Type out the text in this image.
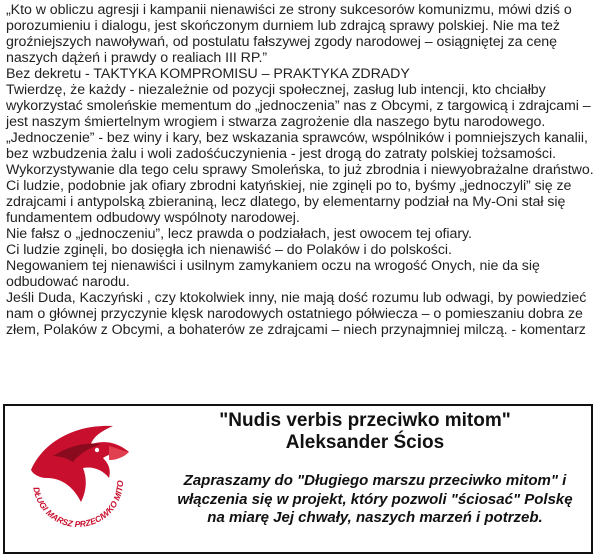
„Kto w obliczu agresji i kampanii nienawiści ze strony sukcesorów komunizmu, mówi dziś o porozumieniu i dialogu, jest skończonym durniem lub zdrajcą sprawy polskiej. Nie ma też groźniejszych nawoływań, od postulatu fałszywej zgody narodowej – osiągniętej za cenę naszych dążeń i prawdy o realiach III RP.”

Bez dekretu - TAKTYKA KOMPROMISU – PRAKTYKA ZDRADY

Twierdzę, że każdy - niezależnie od pozycji społecznej, zasług lub intencji, kto chciałby wykorzystać smoleńskie mementum do „jednoczenia” nas z Obcymi, z targowicą i zdrajcami – jest naszym śmiertelnym wrogiem i stwarza zagrożenie dla naszego bytu narodowego.

„Jednoczenie” - bez winy i kary, bez wskazania sprawców, wspólników i pomniejszych kanalii, bez wzbudzenia żalu i woli zadośćuczynienia - jest drogą do zatraty polskiej tożsamości.

Wykorzystywanie dla tego celu sprawy Smoleńska, to już zbrodnia i niewyobrażalne draństwo.

Ci ludzie, podobnie jak ofiary zbrodni katyńskiej, nie zginęli po to, byśmy „jednoczyli” się ze zdrajcami i antypolską zbieraniną, lecz dlatego, by elementarny podział na My-Oni stał się fundamentem odbudowy wspólnoty narodowej.

Nie fałsz o „jednoczeniu”, lecz prawda o podziałach, jest owocem tej ofiary.

Ci ludzie zginęli, bo dosięgła ich nienawiść – do Polaków i do polskości.

Negowaniem tej nienawiści i usilnym zamykaniem oczu na wrogość Onych, nie da się odbudować narodu.

Jeśli Duda, Kaczyński , czy ktokolwiek inny, nie mają dość rozumu lub odwagi, by powiedzieć nam o głównej przyczynie klęsk narodowych ostatniego półwiecza – o pomieszaniu dobra ze złem, Polaków z Obcymi, a bohaterów ze zdrajcami – niech przynajmniej milczą. - komentarz

DŁUGI MARSZ PRZECIWKO MITO
"Nudis verbis przeciwko mitom"
Aleksander Ścios
Zapraszamy do "Długiego marszu przeciwko mitom" i włączenia się w projekt, który pozwoli "ściosać" Polskę na miarę Jej chwały, naszych marzeń i potrzeb.
